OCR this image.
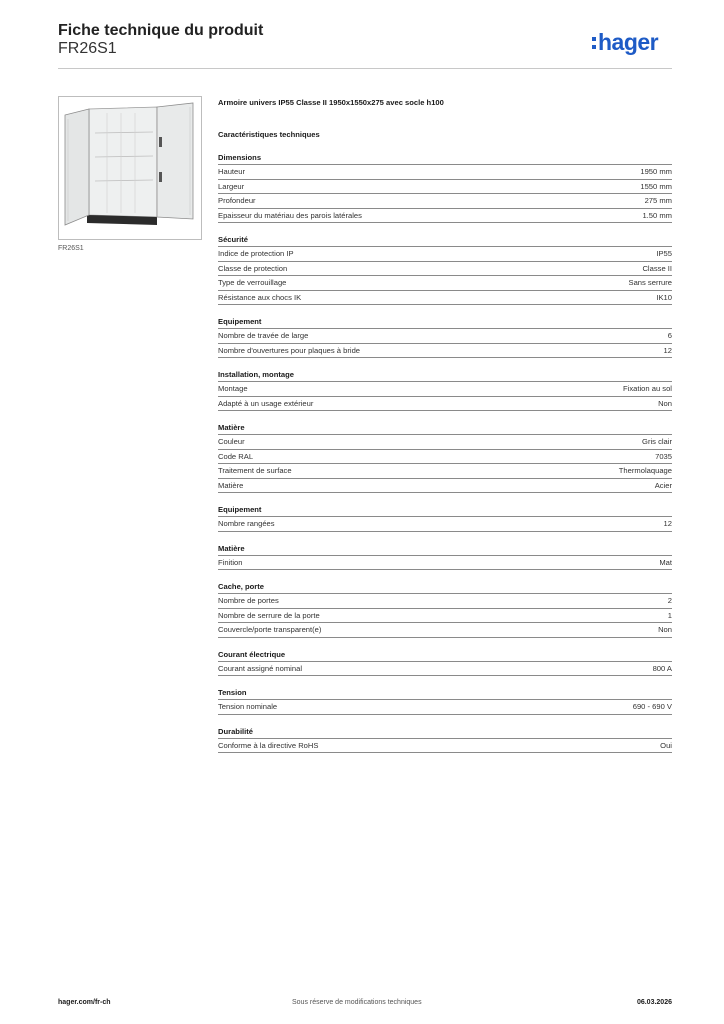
Fiche technique du produit
FR26S1	hager
FR26S1
Armoire univers IP55 Classe II 1950x1550x275 avec socle h100
Caractéristiques techniques
Dimensions
Hauteur	1950 mm
Largeur	1550 mm
Profondeur	275 mm
Epaisseur du matériau des parois latérales	1.50 mm
Sécurité
Indice de protection IP	IP55
Classe de protection	Classe II
Type de verrouillage	Sans serrure
Résistance aux chocs IK	IK10
Equipement
Nombre de travée de large	6
Nombre d'ouvertures pour plaques à bride	12
Installation, montage
Montage	Fixation au sol
Adapté à un usage extérieur	Non
Matière
Couleur	Gris clair
Code RAL	7035
Traitement de surface	Thermolaquage
Matière	Acier
Equipement
Nombre rangées	12
Matière
Finition	Mat
Cache, porte
Nombre de portes	2
Nombre de serrure de la porte	1
Couvercle/porte transparent(e)	Non
Courant électrique
Courant assigné nominal	800 A
Tension
Tension nominale	690 - 690 V
Durabilité
Conforme à la directive RoHS	Oui
hager.com/fr-ch	Sous réserve de modifications techniques	06.03.2026
